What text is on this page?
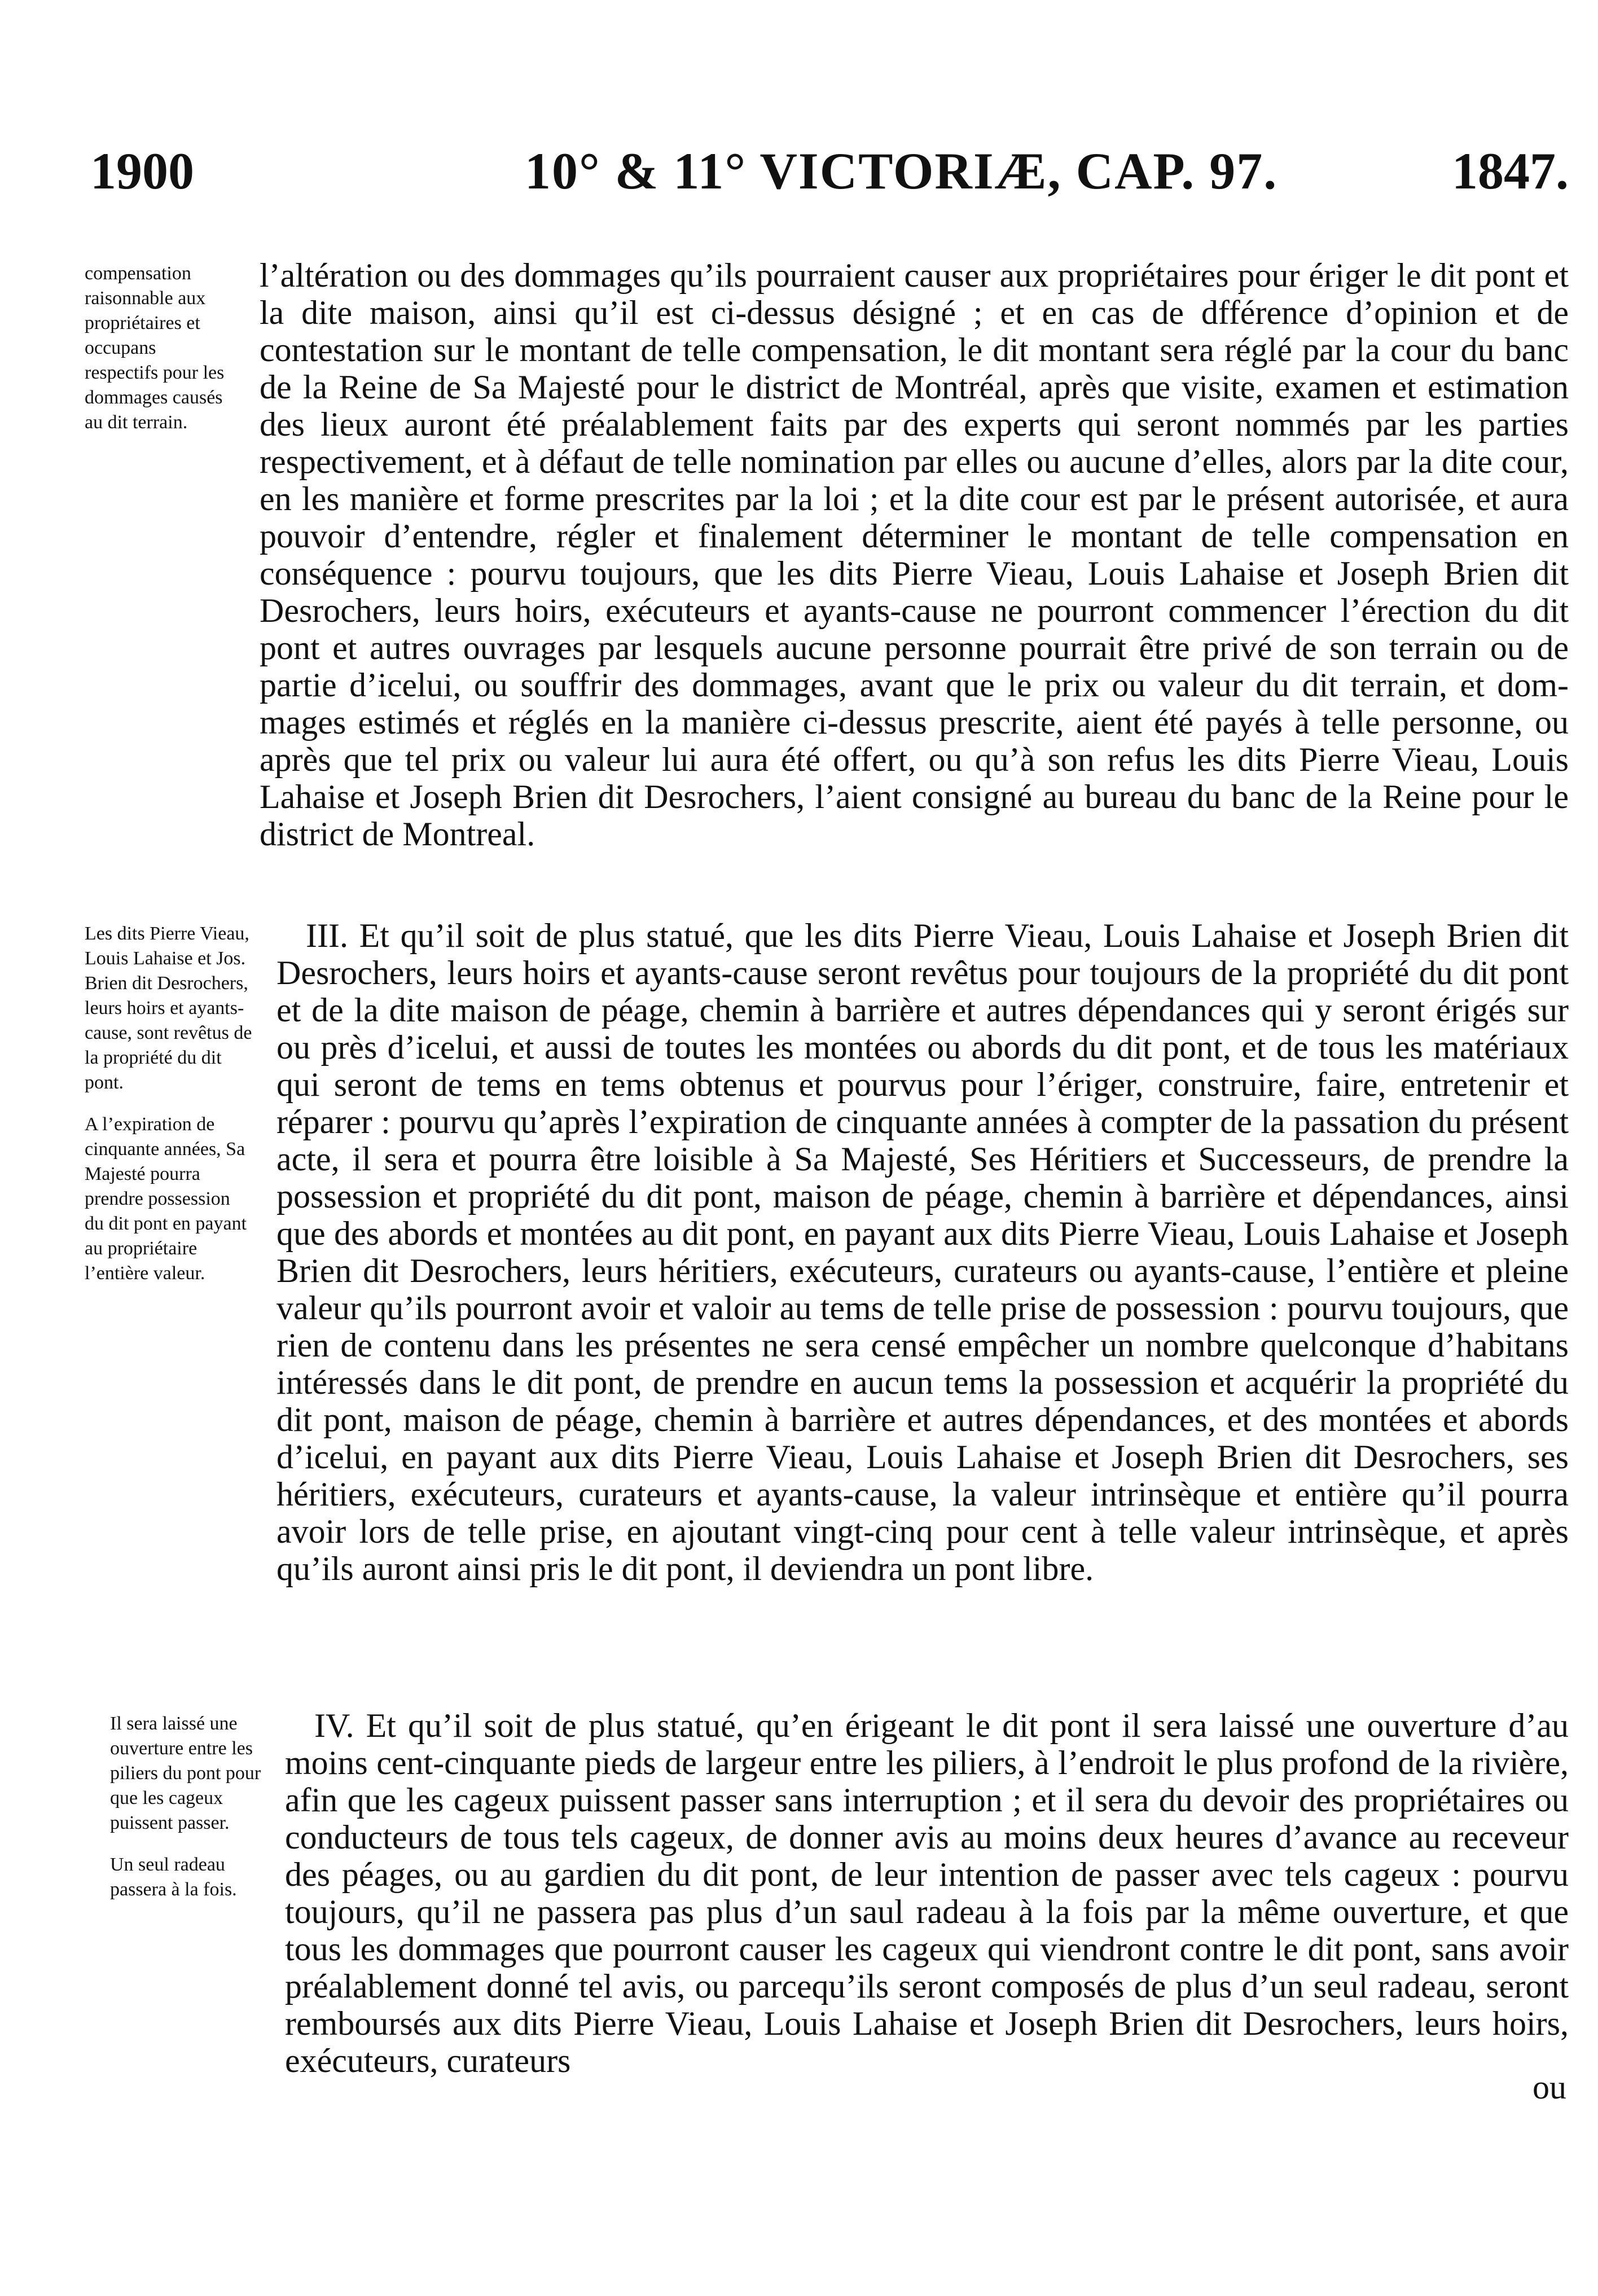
1900	10° & 11° VICTORIÆ, CAP. 97.	1847.

compensation raisonnable aux propriétaires et occupans respectifs pour les dommages causés au dit terrain.

l’altération ou des dommages qu’ils pourraient causer aux propriétaires pour ériger le dit pont et la dite maison, ainsi qu’il est ci-dessus désigné ; et en cas de dfférence d’opinion et de contestation sur le montant de telle compensation, le dit montant sera réglé par la cour du banc de la Reine de Sa Majesté pour le district de Montréal, après que visite, examen et estimation des lieux auront été préalablement faits par des experts qui seront nommés par les parties respectivement, et à défaut de telle nomination par elles ou aucune d’elles, alors par la dite cour, en les manière et forme prescrites par la loi ; et la dite cour est par le présent autorisée, et aura pouvoir d’entendre, régler et finalement déterminer le montant de telle compensation en conséquence : pourvu toujours, que les dits Pierre Vieau, Louis Lahaise et Joseph Brien dit Desrochers, leurs hoirs, exécuteurs et ayants-cause ne pourront commencer l’érection du dit pont et autres ouvrages par lesquels aucune personne pourrait être privé de son terrain ou de partie d’icelui, ou souffrir des dommages, avant que le prix ou valeur du dit terrain, et dommages estimés et réglés en la manière ci-dessus prescrite, aient été payés à telle personne, ou après que tel prix ou valeur lui aura été offert, ou qu’à son refus les dits Pierre Vieau, Louis Lahaise et Joseph Brien dit Desrochers, l’aient consigné au bureau du banc de la Reine pour le district de Montreal.

Les dits Pierre Vieau, Louis Lahaise et Jos. Brien dit Desrochers, leurs hoirs et ayants-cause, sont revêtus de la propriété du dit pont.

A l’expiration de cinquante années, Sa Majesté pourra prendre possession du dit pont en payant au propriétaire l’entière valeur.

III. Et qu’il soit de plus statué, que les dits Pierre Vieau, Louis Lahaise et Joseph Brien dit Desrochers, leurs hoirs et ayants-cause seront revêtus pour toujours de la propriété du dit pont et de la dite maison de péage, chemin à barrière et autres dépendances qui y seront érigés sur ou près d’icelui, et aussi de toutes les montées ou abords du dit pont, et de tous les matériaux qui seront de tems en tems obtenus et pourvus pour l’ériger, construire, faire, entretenir et réparer : pourvu qu’après l’expiration de cinquante années à compter de la passation du présent acte, il sera et pourra être loisible à Sa Majesté, Ses Héritiers et Successeurs, de prendre la possession et propriété du dit pont, maison de péage, chemin à barrière et dépendances, ainsi que des abords et montées au dit pont, en payant aux dits Pierre Vieau, Louis Lahaise et Joseph Brien dit Desrochers, leurs héritiers, exécuteurs, curateurs ou ayants-cause, l’entière et pleine valeur qu’ils pourront avoir et valoir au tems de telle prise de possession : pourvu toujours, que rien de contenu dans les présentes ne sera censé empêcher un nombre quelconque d’habitans intéressés dans le dit pont, de prendre en aucun tems la possession et acquérir la propriété du dit pont, maison de péage, chemin à barrière et autres dépendances, et des montées et abords d’icelui, en payant aux dits Pierre Vieau, Louis Lahaise et Joseph Brien dit Desrochers, ses héritiers, exécuteurs, curateurs et ayants-cause, la valeur intrinsèque et entière qu’il pourra avoir lors de telle prise, en ajoutant vingt-cinq pour cent à telle valeur intrinsèque, et après qu’ils auront ainsi pris le dit pont, il deviendra un pont libre.

Il sera laissé une ouverture entre les piliers du pont pour que les cageux puissent passer.

Un seul radeau passera à la fois.

IV. Et qu’il soit de plus statué, qu’en érigeant le dit pont il sera laissé une ouverture d’au moins cent-cinquante pieds de largeur entre les piliers, à l’endroit le plus profond de la rivière, afin que les cageux puissent passer sans interruption ; et il sera du devoir des propriétaires ou conducteurs de tous tels cageux, de donner avis au moins deux heures d’avance au receveur des péages, ou au gardien du dit pont, de leur intention de passer avec tels cageux : pourvu toujours, qu’il ne passera pas plus d’un saul radeau à la fois par la même ouverture, et que tous les dommages que pourront causer les cageux qui viendront contre le dit pont, sans avoir préalablement donné tel avis, ou parcequ’ils seront composés de plus d’un seul radeau, seront remboursés aux dits Pierre Vieau, Louis Lahaise et Joseph Brien dit Desrochers, leurs hoirs, exécuteurs, curateurs
ou
